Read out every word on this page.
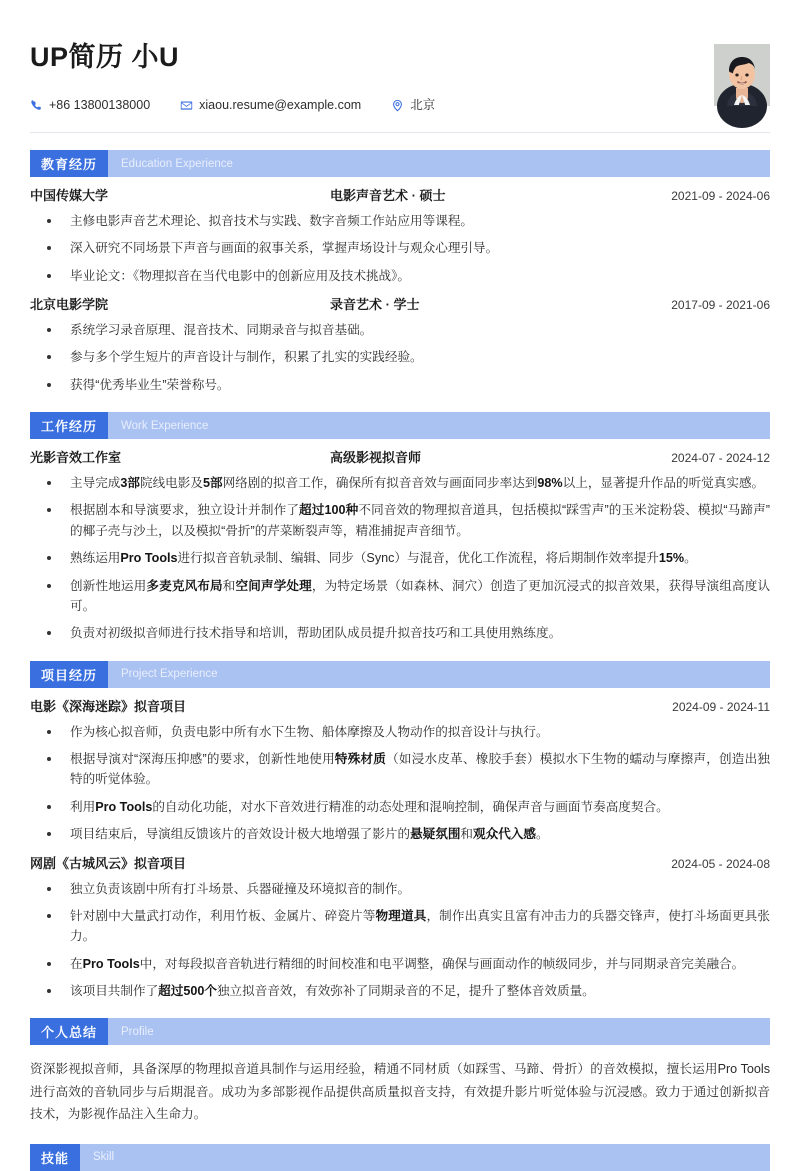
UP简历 小U
+86 13800138000	xiaou.resume@example.com	北京
教育经历	Education Experience
中国传媒大学	电影声音艺术 · 硕士	2021-09 - 2024-06
主修电影声音艺术理论、拟音技术与实践、数字音频工作站应用等课程。
深入研究不同场景下声音与画面的叙事关系，掌握声场设计与观众心理引导。
毕业论文：《物理拟音在当代电影中的创新应用及技术挑战》。
北京电影学院	录音艺术 · 学士	2017-09 - 2021-06
系统学习录音原理、混音技术、同期录音与拟音基础。
参与多个学生短片的声音设计与制作，积累了扎实的实践经验。
获得“优秀毕业生”荣誉称号。
工作经历	Work Experience
光影音效工作室	高级影视拟音师	2024-07 - 2024-12
主导完成3部院线电影及5部网络剧的拟音工作，确保所有拟音音效与画面同步率达到98%以上，显著提升作品的听觉真实感。
根据剧本和导演要求，独立设计并制作了超过100种不同音效的物理拟音道具，包括模拟“踩雪声”的玉米淀粉袋、模拟“马蹄声”的椰子壳与沙土，以及模拟“骨折”的芹菜断裂声等，精准捕捉声音细节。
熟练运用Pro Tools进行拟音音轨录制、编辑、同步（Sync）与混音，优化工作流程，将后期制作效率提升15%。
创新性地运用多麦克风布局和空间声学处理，为特定场景（如森林、洞穴）创造了更加沉浸式的拟音效果，获得导演组高度认可。
负责对初级拟音师进行技术指导和培训，帮助团队成员提升拟音技巧和工具使用熟练度。
项目经历	Project Experience
电影《深海迷踪》拟音项目	2024-09 - 2024-11
作为核心拟音师，负责电影中所有水下生物、船体摩擦及人物动作的拟音设计与执行。
根据导演对“深海压抑感”的要求，创新性地使用特殊材质（如浸水皮革、橡胶手套）模拟水下生物的蠕动与摩擦声，创造出独特的听觉体验。
利用Pro Tools的自动化功能，对水下音效进行精准的动态处理和混响控制，确保声音与画面节奏高度契合。
项目结束后，导演组反馈该片的音效设计极大地增强了影片的悬疑氛围和观众代入感。
网剧《古城风云》拟音项目	2024-05 - 2024-08
独立负责该剧中所有打斗场景、兵器碰撞及环境拟音的制作。
针对剧中大量武打动作，利用竹板、金属片、碎瓷片等物理道具，制作出真实且富有冲击力的兵器交锋声，使打斗场面更具张力。
在Pro Tools中，对每段拟音音轨进行精细的时间校准和电平调整，确保与画面动作的帧级同步，并与同期录音完美融合。
该项目共制作了超过500个独立拟音音效，有效弥补了同期录音的不足，提升了整体音效质量。
个人总结	Profile
资深影视拟音师，具备深厚的物理拟音道具制作与运用经验，精通不同材质（如踩雪、马蹄、骨折）的音效模拟，擅长运用Pro Tools进行高效的音轨同步与后期混音。成功为多部影视作品提供高质量拟音支持，有效提升影片听觉体验与沉浸感。致力于通过创新拟音技术，为影视作品注入生命力。
技能	Skill
